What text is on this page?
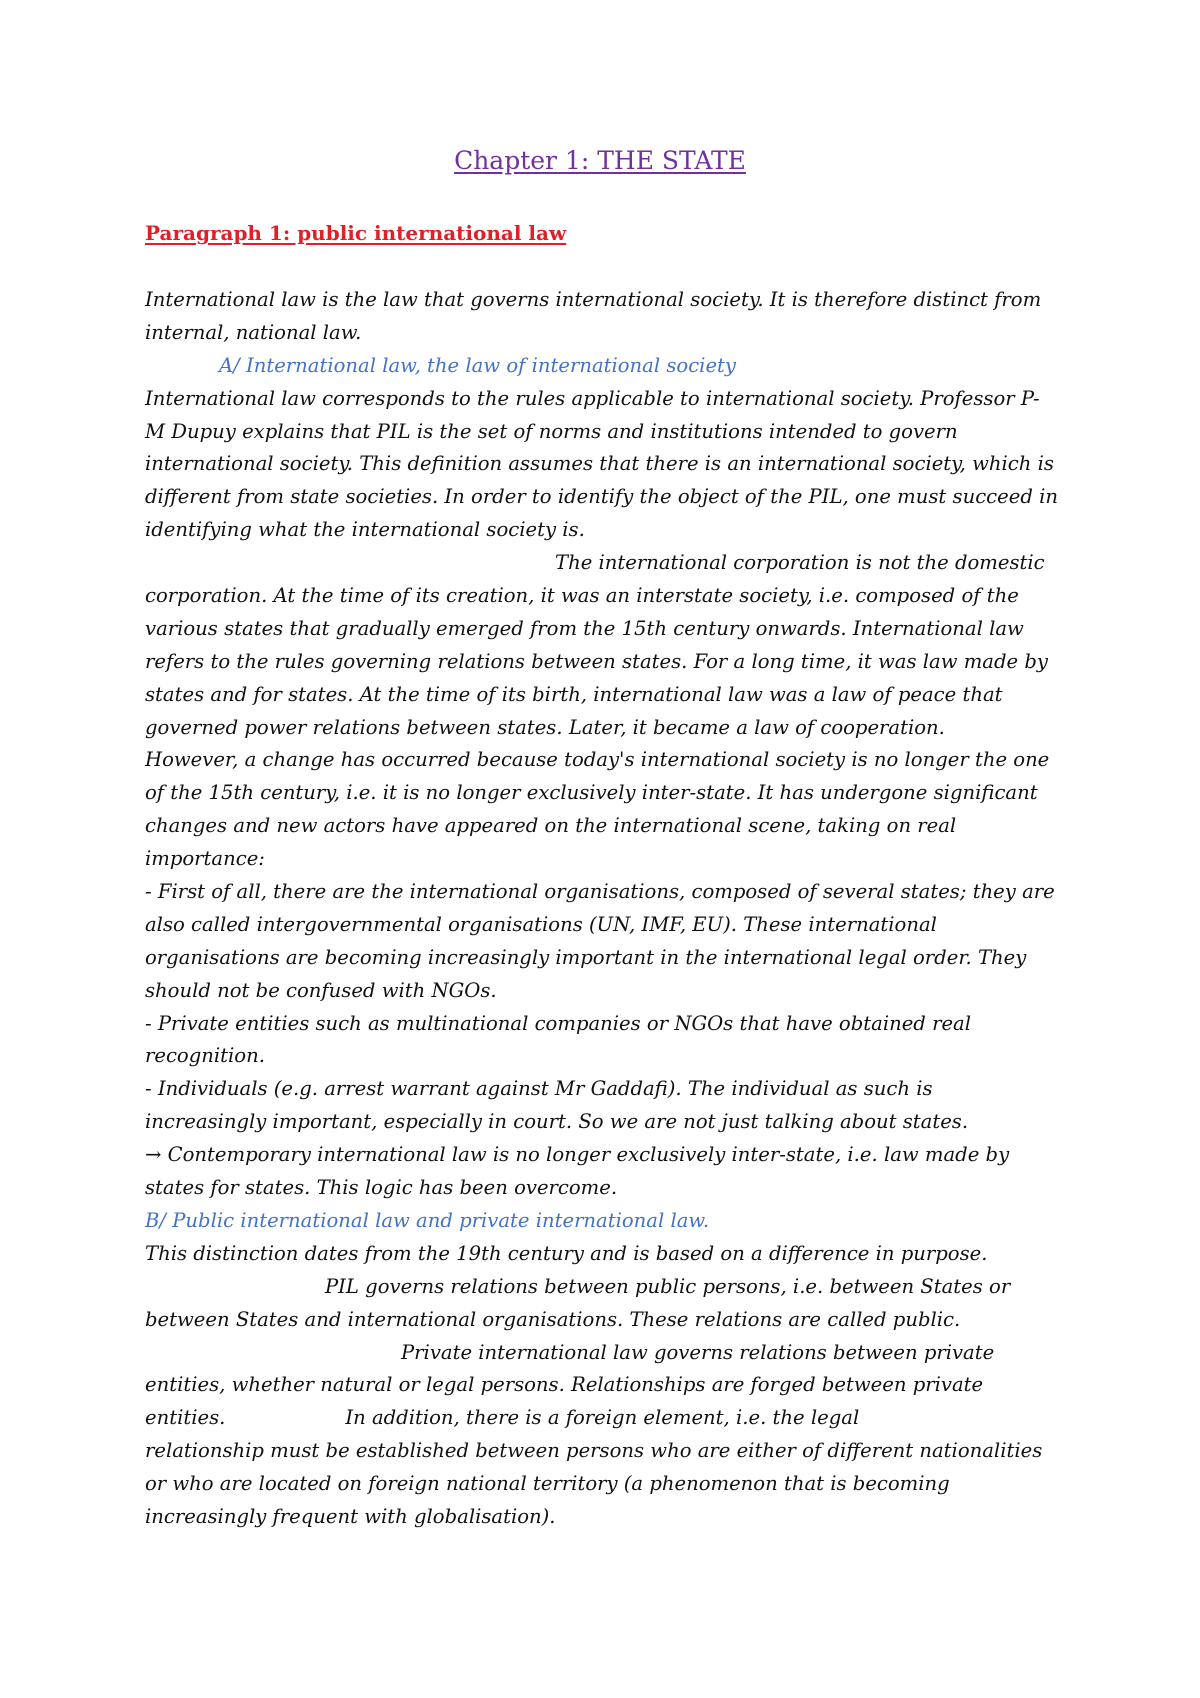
Chapter 1: THE STATE
Paragraph 1: public international law
International law is the law that governs international society. It is therefore distinct from
internal, national law.
A/ International law, the law of international society
International law corresponds to the rules applicable to international society. Professor P-
M Dupuy explains that PIL is the set of norms and institutions intended to govern
international society. This definition assumes that there is an international society, which is
different from state societies. In order to identify the object of the PIL, one must succeed in
identifying what the international society is.
The international corporation is not the domestic
corporation. At the time of its creation, it was an interstate society, i.e. composed of the
various states that gradually emerged from the 15th century onwards. International law
refers to the rules governing relations between states. For a long time, it was law made by
states and for states. At the time of its birth, international law was a law of peace that
governed power relations between states. Later, it became a law of cooperation.
However, a change has occurred because today's international society is no longer the one
of the 15th century, i.e. it is no longer exclusively inter-state. It has undergone significant
changes and new actors have appeared on the international scene, taking on real
importance:
- First of all, there are the international organisations, composed of several states; they are
also called intergovernmental organisations (UN, IMF, EU). These international
organisations are becoming increasingly important in the international legal order. They
should not be confused with NGOs.
- Private entities such as multinational companies or NGOs that have obtained real
recognition.
- Individuals (e.g. arrest warrant against Mr Gaddafi). The individual as such is
increasingly important, especially in court. So we are not just talking about states.
→ Contemporary international law is no longer exclusively inter-state, i.e. law made by
states for states. This logic has been overcome.
B/ Public international law and private international law.
This distinction dates from the 19th century and is based on a difference in purpose.
PIL governs relations between public persons, i.e. between States or
between States and international organisations. These relations are called public.
Private international law governs relations between private
entities, whether natural or legal persons. Relationships are forged between private
entities.	In addition, there is a foreign element, i.e. the legal
relationship must be established between persons who are either of different nationalities
or who are located on foreign national territory (a phenomenon that is becoming
increasingly frequent with globalisation).
